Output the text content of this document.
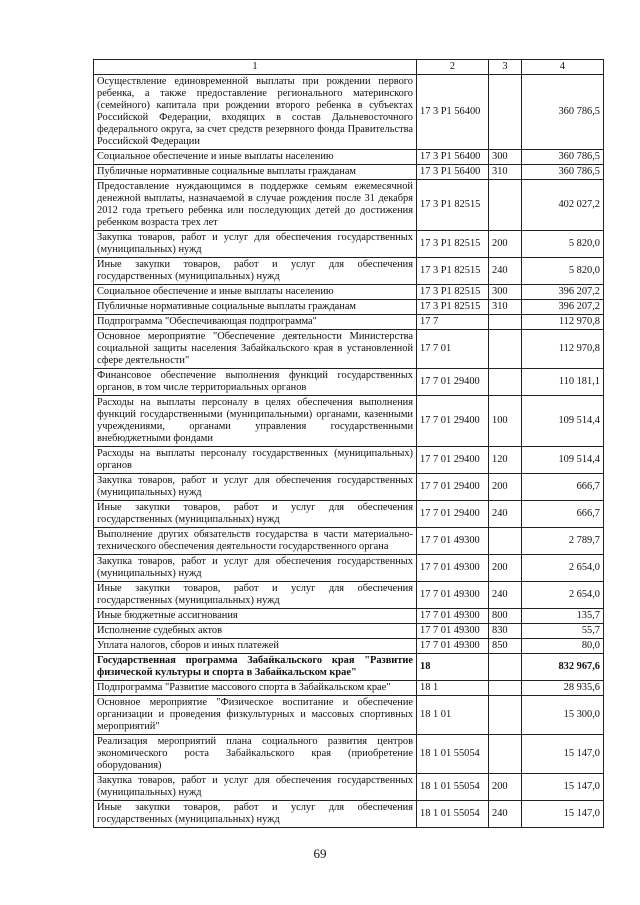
1	2	3	4
Осуществление единовременной выплаты при рождении первого ребенка, а также предоставление регионального материнского (семейного) капитала при рождении второго ребенка в субъектах Российской Федерации, входящих в состав Дальневосточного федерального округа, за счет средств резервного фонда Правительства Российской Федерации	17 3 P1 56400		360 786,5
Социальное обеспечение и иные выплаты населению	17 3 P1 56400	300	360 786,5
Публичные нормативные социальные выплаты гражданам	17 3 P1 56400	310	360 786,5
Предоставление нуждающимся в поддержке семьям ежемесячной денежной выплаты, назначаемой в случае рождения после 31 декабря 2012 года третьего ребенка или последующих детей до достижения ребенком возраста трех лет	17 3 P1 82515		402 027,2
Закупка товаров, работ и услуг для обеспечения государственных (муниципальных) нужд	17 3 P1 82515	200	5 820,0
Иные закупки товаров, работ и услуг для обеспечения государственных (муниципальных) нужд	17 3 P1 82515	240	5 820,0
Социальное обеспечение и иные выплаты населению	17 3 P1 82515	300	396 207,2
Публичные нормативные социальные выплаты гражданам	17 3 P1 82515	310	396 207,2
Подпрограмма "Обеспечивающая подпрограмма"	17 7		112 970,8
Основное мероприятие "Обеспечение деятельности Министерства социальной защиты населения Забайкальского края в установленной сфере деятельности"	17 7 01		112 970,8
Финансовое обеспечение выполнения функций государственных органов, в том числе территориальных органов	17 7 01 29400		110 181,1
Расходы на выплаты персоналу в целях обеспечения выполнения функций государственными (муниципальными) органами, казенными учреждениями, органами управления государственными внебюджетными фондами	17 7 01 29400	100	109 514,4
Расходы на выплаты персоналу государственных (муниципальных) органов	17 7 01 29400	120	109 514,4
Закупка товаров, работ и услуг для обеспечения государственных (муниципальных) нужд	17 7 01 29400	200	666,7
Иные закупки товаров, работ и услуг для обеспечения государственных (муниципальных) нужд	17 7 01 29400	240	666,7
Выполнение других обязательств государства в части материально-технического обеспечения деятельности государственного органа	17 7 01 49300		2 789,7
Закупка товаров, работ и услуг для обеспечения государственных (муниципальных) нужд	17 7 01 49300	200	2 654,0
Иные закупки товаров, работ и услуг для обеспечения государственных (муниципальных) нужд	17 7 01 49300	240	2 654,0
Иные бюджетные ассигнования	17 7 01 49300	800	135,7
Исполнение судебных актов	17 7 01 49300	830	55,7
Уплата налогов, сборов и иных платежей	17 7 01 49300	850	80,0
Государственная программа Забайкальского края "Развитие физической культуры и спорта в Забайкальском крае"	18		832 967,6
Подпрограмма "Развитие массового спорта в Забайкальском крае"	18 1		28 935,6
Основное мероприятие "Физическое воспитание и обеспечение организации и проведения физкультурных и массовых спортивных мероприятий"	18 1 01		15 300,0
Реализация мероприятий плана социального развития центров экономического роста Забайкальского края (приобретение оборудования)	18 1 01 55054		15 147,0
Закупка товаров, работ и услуг для обеспечения государственных (муниципальных) нужд	18 1 01 55054	200	15 147,0
Иные закупки товаров, работ и услуг для обеспечения государственных (муниципальных) нужд	18 1 01 55054	240	15 147,0
69
